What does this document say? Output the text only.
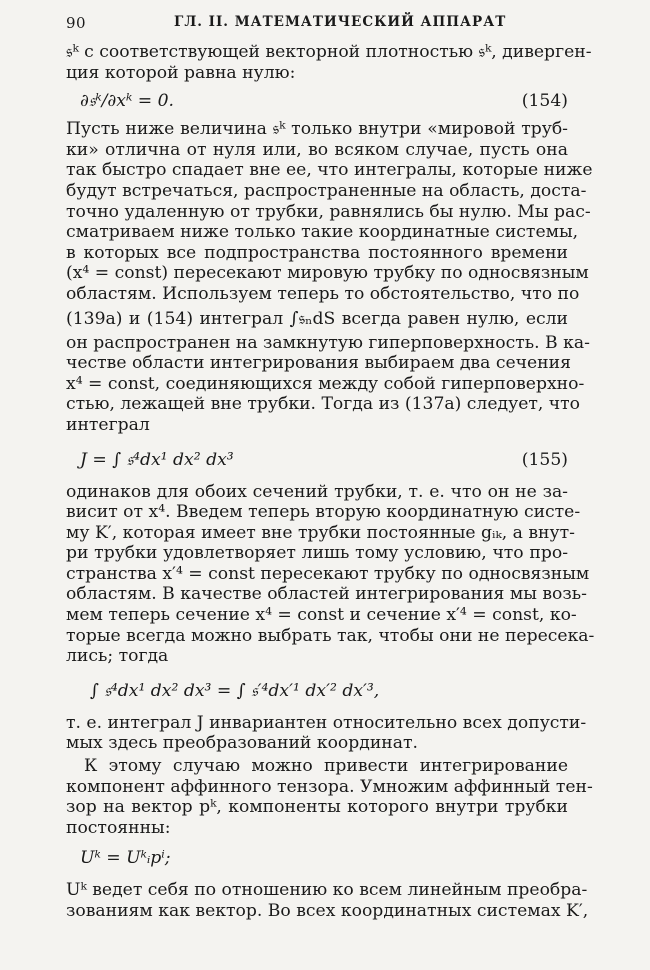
90	ГЛ. II. МАТЕМАТИЧЕСКИЙ АППАРАТ

𝔰ᵏ с соответствующей векторной плотностью 𝔰ᵏ, диверген-
ция которой равна нулю:

∂𝔰ᵏ/∂xᵏ = 0.	(154)

Пусть ниже величина 𝔰ᵏ только внутри «мировой труб-
ки» отлична от нуля или, во всяком случае, пусть она
так быстро спадает вне ее, что интегралы, которые ниже
будут встречаться, распространенные на область, доста-
точно удаленную от трубки, равнялись бы нулю. Мы рас-
сматриваем ниже только такие координатные системы,
в которых все подпространства постоянного времени
(x⁴ = const) пересекают мировую трубку по односвязным
областям. Используем теперь то обстоятельство, что по
(139a) и (154) интеграл ∫𝔰ₙdS всегда равен нулю, если
он распространен на замкнутую гиперповерхность. В ка-
честве области интегрирования выбираем два сечения
x⁴ = const, соединяющихся между собой гиперповерхно-
стью, лежащей вне трубки. Тогда из (137a) следует, что
интеграл

J = ∫ 𝔰⁴dx¹ dx² dx³	(155)

одинаков для обоих сечений трубки, т. е. что он не за-
висит от x⁴. Введем теперь вторую координатную систе-
му K′, которая имеет вне трубки постоянные gᵢₖ, а внут-
ри трубки удовлетворяет лишь тому условию, что про-
странства x′⁴ = const пересекают трубку по односвязным
областям. В качестве областей интегрирования мы возь-
мем теперь сечение x⁴ = const и сечение x′⁴ = const, ко-
торые всегда можно выбрать так, чтобы они не пересека-
лись; тогда

∫ 𝔰⁴dx¹ dx² dx³ = ∫ 𝔰′⁴dx′¹ dx′² dx′³,

т. е. интеграл J инвариантен относительно всех допусти-
мых здесь преобразований координат.

К этому случаю можно привести интегрирование
компонент аффинного тензора. Умножим аффинный тен-
зор на вектор pᵏ, компоненты которого внутри трубки
постоянны:

Uᵏ = Uᵏᵢpⁱ;

Uᵏ ведет себя по отношению ко всем линейным преобра-
зованиям как вектор. Во всех координатных системах K′,
